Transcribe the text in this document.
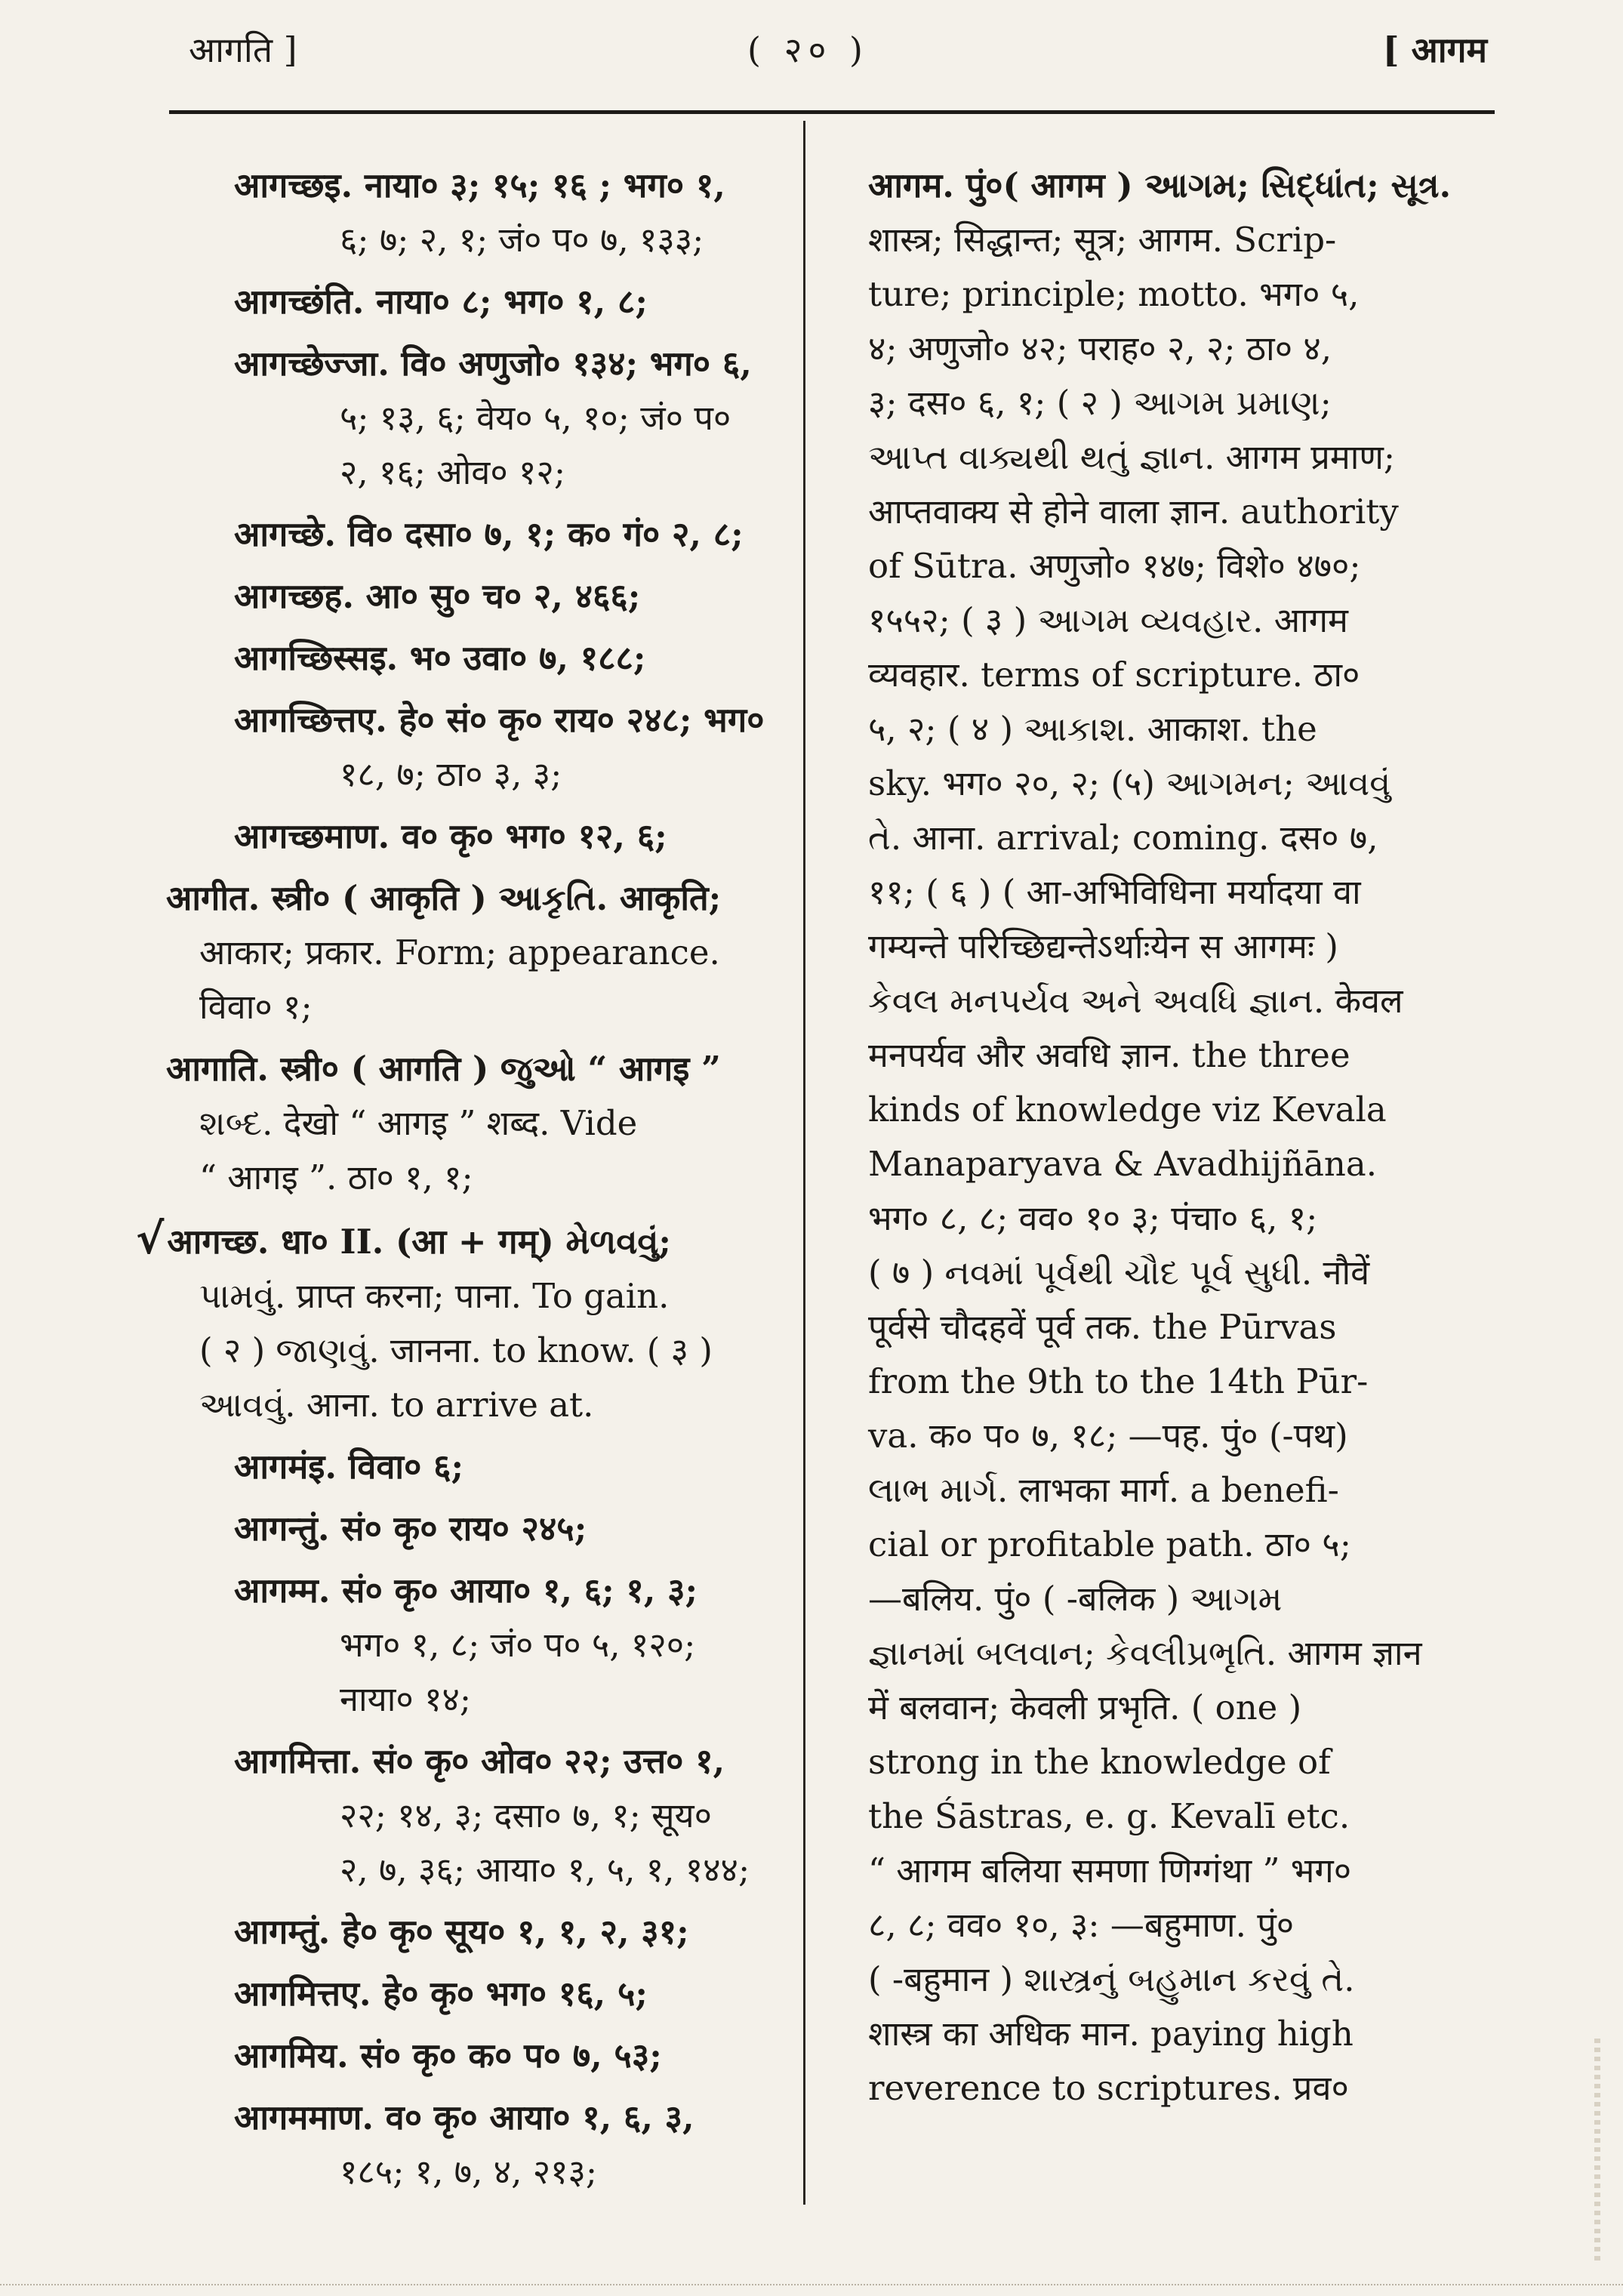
आगति ]	( २० )	[ आगम
आगच्छइ. नाया० ३; १५; १६ ; भग० १,
६; ७; २, १; जं० प० ७, १३३;
आगच्छंति. नाया० ८; भग० १, ८;
आगच्छेज्जा. वि० अणुजो० १३४; भग० ६,
५; १३, ६; वेय० ५, १०; जं० प०
२, १६; ओव० १२;
आगच्छे. वि० दसा० ७, १; क० गं० २, ८;
आगच्छह. आ० सु० च० २, ४६६;
आगच्छिस्सइ. भ० उवा० ७, १८८;
आगच्छित्तए. हे० सं० कृ० राय० २४८; भग०
१८, ७; ठा० ३, ३;
आगच्छमाण. व० कृ० भग० १२, ६;
आगीत. स्त्री० ( आकृति ) આકૃતિ. आकृति;
आकार; प्रकार. Form; appearance.
विवा० १;
आगाति. स्त्री० ( आगति ) જુઓ “ आगइ ”
શબ્દ. देखो “ आगइ ” शब्द. Vide
“ आगइ ”. ठा० १, १;
√आगच्छ. धा० II. (आ + गम्) મેળવવું;
પામવું. प्राप्त करना; पाना. To gain.
( २ ) જાણવું. जानना. to know. ( ३ )
આવવું. आना. to arrive at.
आगमंइ. विवा० ६;
आगन्तुं. सं० कृ० राय० २४५;
आगम्म. सं० कृ० आया० १, ६; १, ३;
भग० १, ८; जं० प० ५, १२०;
नाया० १४;
आगमित्ता. सं० कृ० ओव० २२; उत्त० १,
२२; १४, ३; दसा० ७, १; सूय०
२, ७, ३६; आया० १, ५, १, १४४;
आगम्तुं. हे० कृ० सूय० १, १, २, ३१;
आगमित्तए. हे० कृ० भग० १६, ५;
आगमिय. सं० कृ० क० प० ७, ५३;
आगममाण. व० कृ० आया० १, ६, ३,
१८५; १, ७, ४, २१३;
आगम. पुं०( आगम ) આગમ; સિદ્ધાંત; સૂત્ર.
शास्त्र; सिद्धान्त; सूत्र; आगम. Scrip-
ture; principle; motto. भग० ५,
४; अणुजो० ४२; पराह० २, २; ठा० ४,
३; दस० ६, १; ( २ ) આગમ પ્રમાણ;
આપ્ત વાક્યથી થતું જ્ઞાન. आगम प्रमाण;
आप्तवाक्य से होने वाला ज्ञान. authority
of Sūtra. अणुजो० १४७; विशे० ४७०;
१५५२; ( ३ ) આગમ વ્યવહાર. आगम
व्यवहार. terms of scripture. ठा०
५, २; ( ४ ) આકાશ. आकाश. the
sky. भग० २०, २; (५) આગમન; આવવું
તે. आना. arrival; coming. दस० ७,
११; ( ६ ) ( आ-अभिविधिना मर्यादया वा
गम्यन्ते परिच्छिद्यन्तेऽर्थाःयेन स आगमः )
કેવલ મનપર્યવ અને અવધિ જ્ઞાન. केवल
मनपर्यव और अवधि ज्ञान. the three
kinds of knowledge viz Kevala
Manaparyava & Avadhijñāna.
भग० ८, ८; वव० १० ३; पंचा० ६, १;
( ७ ) નવમાં પૂર્વથી ચૌદ પૂર્વ સુધી. नौवें
पूर्वसे चौदहवें पूर्व तक. the Pūrvas
from the 9th to the 14th Pūr-
va. क० प० ७, १८; —पह. पुं० (-पथ)
લાભ માર્ગ. लाभका मार्ग. a benefi-
cial or profitable path. ठा० ५;
—बलिय. पुं० ( -बलिक ) આગમ
જ્ઞાનમાં બલવાન; કેવલીપ્રભૃતિ. आगम ज्ञान
में बलवान; केवली प्रभृति. ( one )
strong in the knowledge of
the Śāstras, e. g. Kevalī etc.
“ आगम बलिया समणा णिग्गंथा ” भग०
८, ८; वव० १०, ३: —बहुमाण. पुं०
( -बहुमान ) શાસ્ત્રનું બહુમાન કરવું તે.
शास्त्र का अधिक मान. paying high
reverence to scriptures. प्रव०
